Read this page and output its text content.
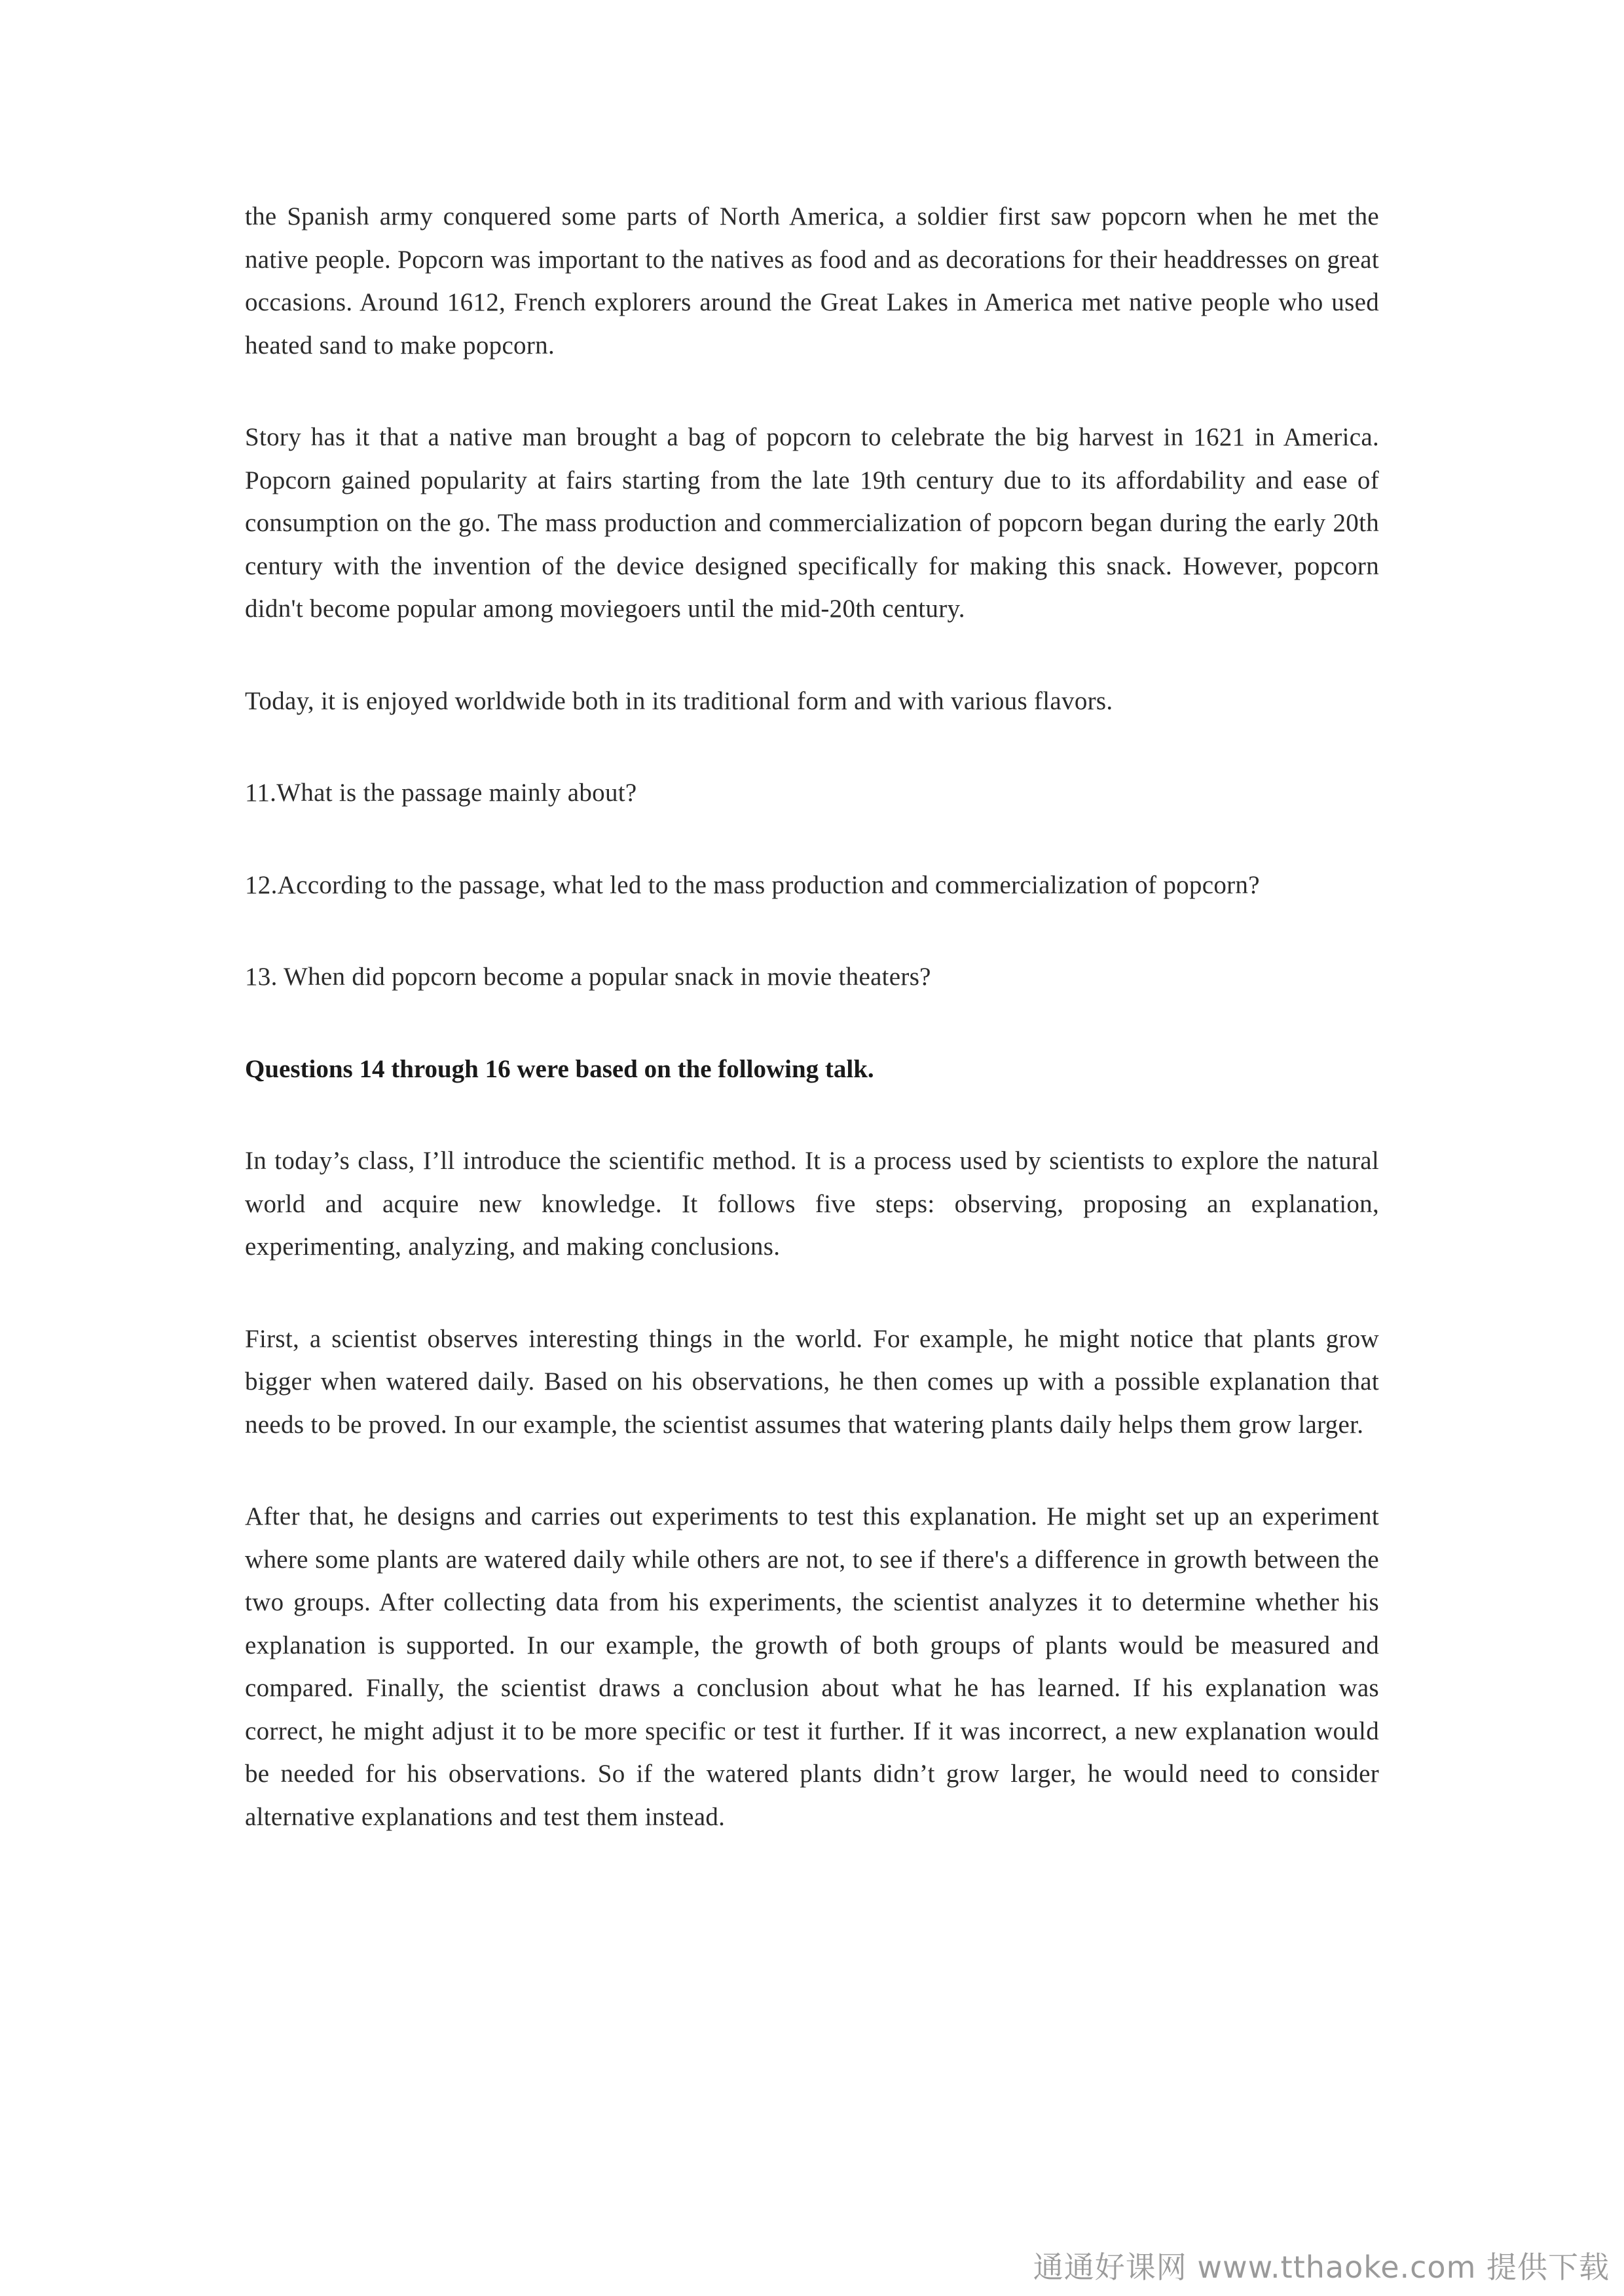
the Spanish army conquered some parts of North America, a soldier first saw popcorn when he met the native people. Popcorn was important to the natives as food and as decorations for their headdresses on great occasions. Around 1612, French explorers around the Great Lakes in America met native people who used heated sand to make popcorn.

Story has it that a native man brought a bag of popcorn to celebrate the big harvest in 1621 in America. Popcorn gained popularity at fairs starting from the late 19th century due to its affordability and ease of consumption on the go. The mass production and commercialization of popcorn began during the early 20th century with the invention of the device designed specifically for making this snack. However, popcorn didn't become popular among moviegoers until the mid-20th century.

Today, it is enjoyed worldwide both in its traditional form and with various flavors.

11.What is the passage mainly about?

12.According to the passage, what led to the mass production and commercialization of popcorn?

13. When did popcorn become a popular snack in movie theaters?

Questions 14 through 16 were based on the following talk.

In today’s class, I’ll introduce the scientific method. It is a process used by scientists to explore the natural world and acquire new knowledge. It follows five steps: observing, proposing an explanation, experimenting, analyzing, and making conclusions.

First, a scientist observes interesting things in the world. For example, he might notice that plants grow bigger when watered daily. Based on his observations, he then comes up with a possible explanation that needs to be proved. In our example, the scientist assumes that watering plants daily helps them grow larger.

After that, he designs and carries out experiments to test this explanation. He might set up an experiment where some plants are watered daily while others are not, to see if there's a difference in growth between the two groups. After collecting data from his experiments, the scientist analyzes it to determine whether his explanation is supported. In our example, the growth of both groups of plants would be measured and compared. Finally, the scientist draws a conclusion about what he has learned. If his explanation was correct, he might adjust it to be more specific or test it further. If it was incorrect, a new explanation would be needed for his observations. So if the watered plants didn’t grow larger, he would need to consider alternative explanations and test them instead.

通通好课网 www.tthaoke.com 提供下载
